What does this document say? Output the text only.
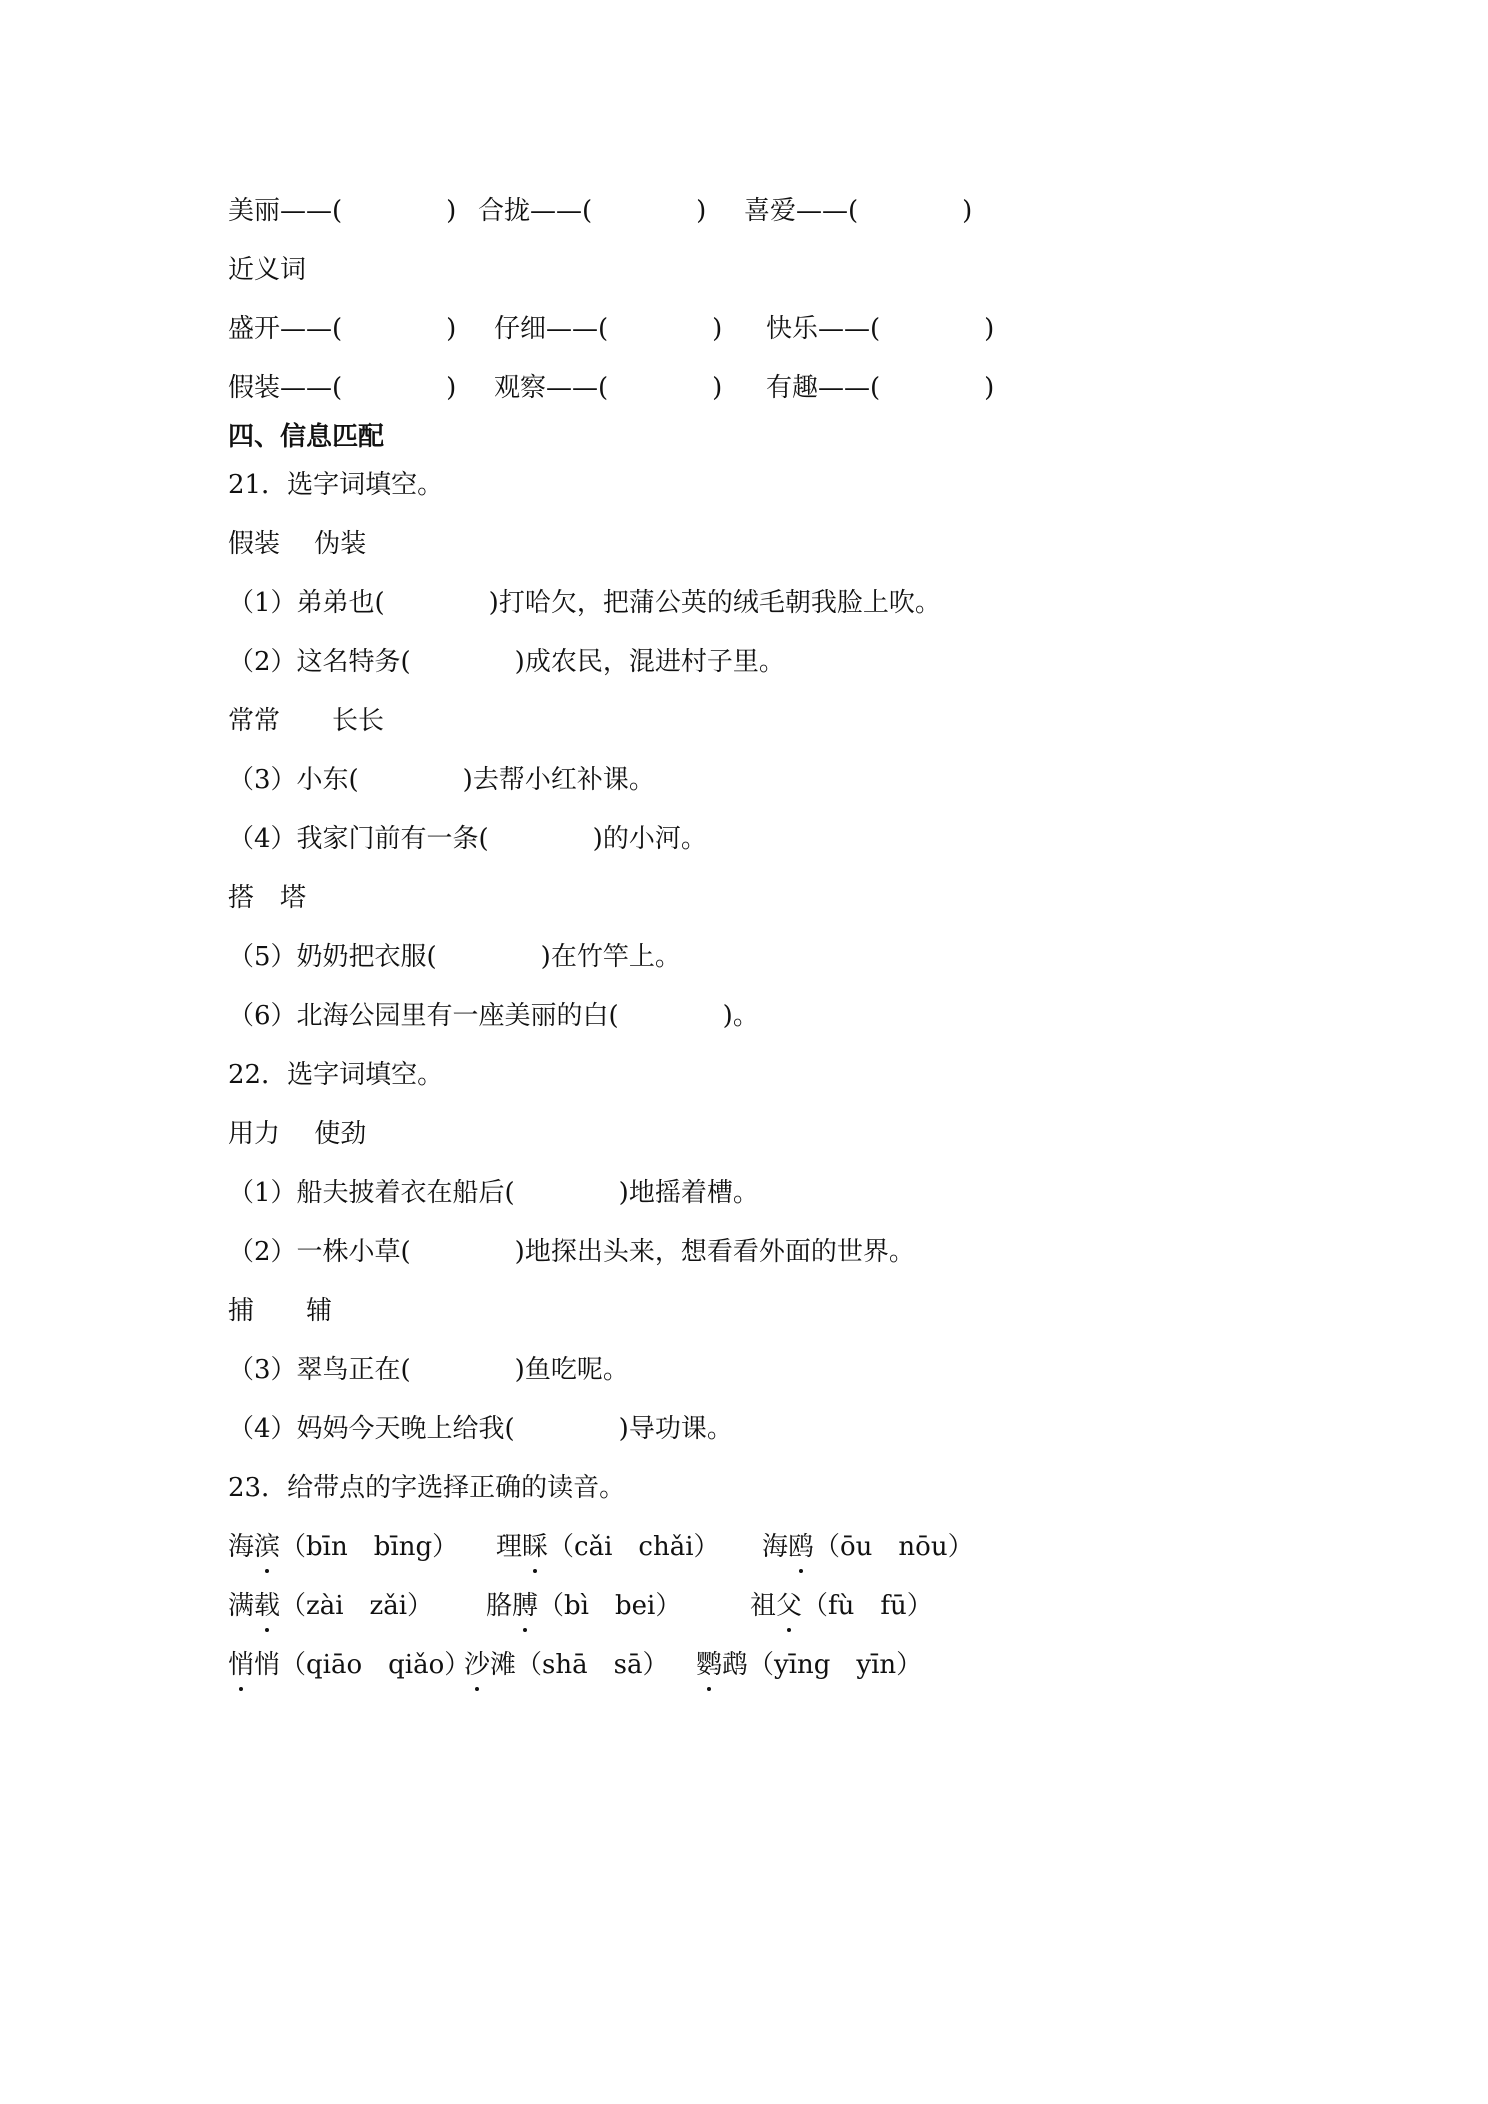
美丽——(　　　　)

合拢——(　　　　)

喜爱——(　　　　)

近义词

盛开——(　　　　)

仔细——(　　　　)

快乐——(　　　　)

假装——(　　　　)

观察——(　　　　)

有趣——(　　　　)

四、信息匹配
21．选字词填空。
假装　 伪装
（1）弟弟也(　　　　)打哈欠，把蒲公英的绒毛朝我脸上吹。
（2）这名特务(　　　　)成农民，混进村子里。
常常　　长长
（3）小东(　　　　)去帮小红补课。
（4）我家门前有一条(　　　　)的小河。
搭　塔
（5）奶奶把衣服(　　　　)在竹竿上。
（6）北海公园里有一座美丽的白(　　　　)。
22．选字词填空。
用力　 使劲
（1）船夫披着衣在船后(　　　　)地摇着槽。
（2）一株小草(　　　　)地探出头来，想看看外面的世界。
捕　　辅
（3）翠鸟正在(　　　　)鱼吃呢。
（4）妈妈今天晚上给我(　　　　)导功课。
23．给带点的字选择正确的读音。

海滨（bīn　bīng）

理睬（cǎi　chǎi）

海鸥（ōu　nōu）

满载（zài　zǎi）

胳膊（bì　bei）

	祖父（fù　fū）

悄悄（qiāo　qiǎo）

沙滩（shā　sā）

鹦鹉（yīng　yīn）
